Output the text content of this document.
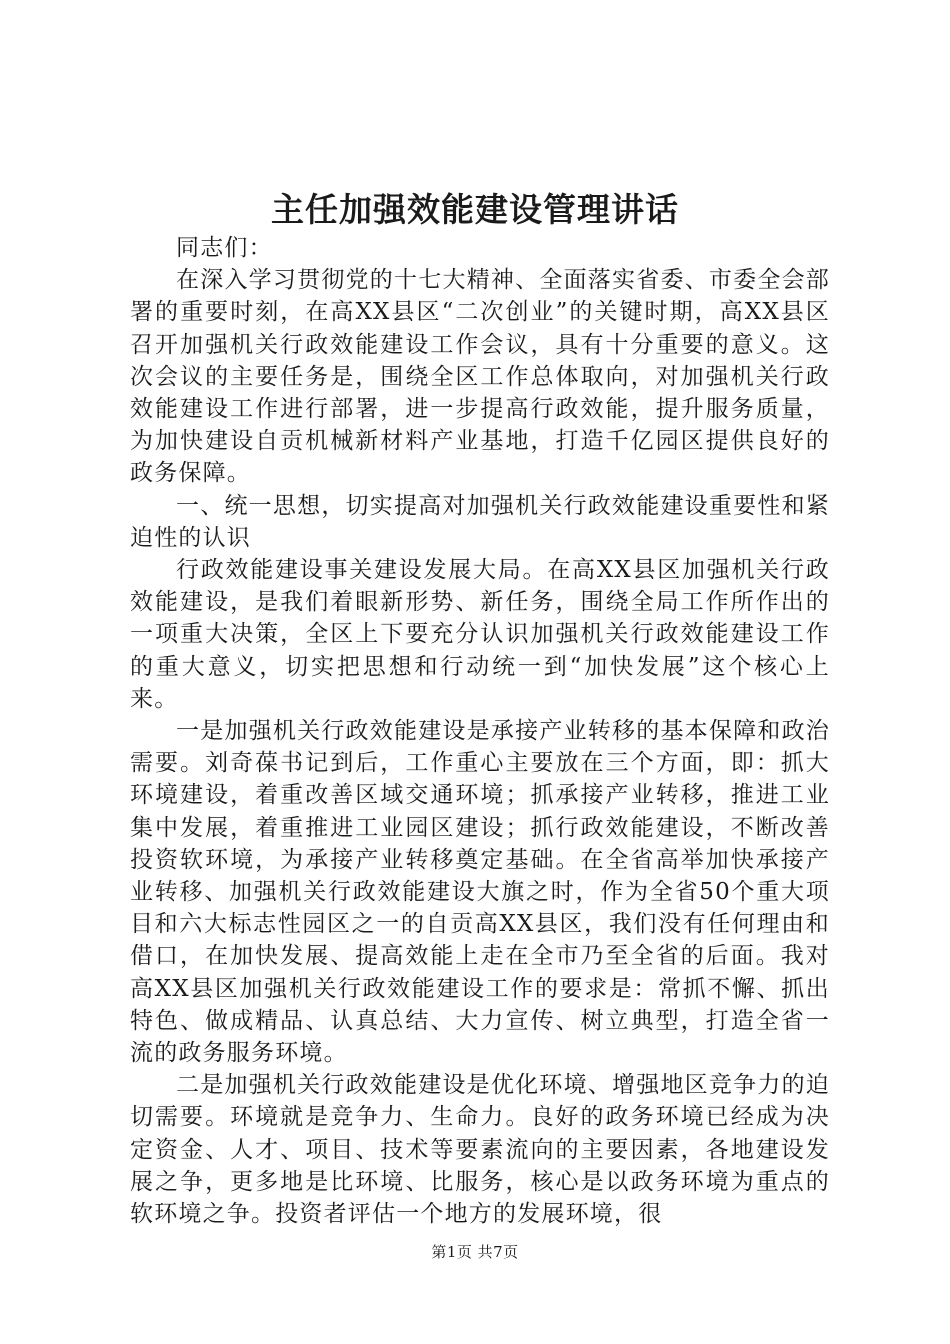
主任加强效能建设管理讲话

同志们：

在深入学习贯彻党的十七大精神、全面落实省委、市委全会部署的重要时刻，在高XX县区“二次创业”的关键时期，高XX县区召开加强机关行政效能建设工作会议，具有十分重要的意义。这次会议的主要任务是，围绕全区工作总体取向，对加强机关行政效能建设工作进行部署，进一步提高行政效能，提升服务质量，为加快建设自贡机械新材料产业基地，打造千亿园区提供良好的政务保障。

一、统一思想，切实提高对加强机关行政效能建设重要性和紧迫性的认识

行政效能建设事关建设发展大局。在高XX县区加强机关行政效能建设，是我们着眼新形势、新任务，围绕全局工作所作出的一项重大决策，全区上下要充分认识加强机关行政效能建设工作的重大意义，切实把思想和行动统一到“加快发展”这个核心上来。

一是加强机关行政效能建设是承接产业转移的基本保障和政治需要。刘奇葆书记到后，工作重心主要放在三个方面，即：抓大环境建设，着重改善区域交通环境；抓承接产业转移，推进工业集中发展，着重推进工业园区建设；抓行政效能建设，不断改善投资软环境，为承接产业转移奠定基础。在全省高举加快承接产业转移、加强机关行政效能建设大旗之时，作为全省50个重大项目和六大标志性园区之一的自贡高XX县区，我们没有任何理由和借口，在加快发展、提高效能上走在全市乃至全省的后面。我对高XX县区加强机关行政效能建设工作的要求是：常抓不懈、抓出特色、做成精品、认真总结、大力宣传、树立典型，打造全省一流的政务服务环境。

二是加强机关行政效能建设是优化环境、增强地区竞争力的迫切需要。环境就是竞争力、生命力。良好的政务环境已经成为决定资金、人才、项目、技术等要素流向的主要因素，各地建设发展之争，更多地是比环境、比服务，核心是以政务环境为重点的软环境之争。投资者评估一个地方的发展环境，很

第1页 共7页
